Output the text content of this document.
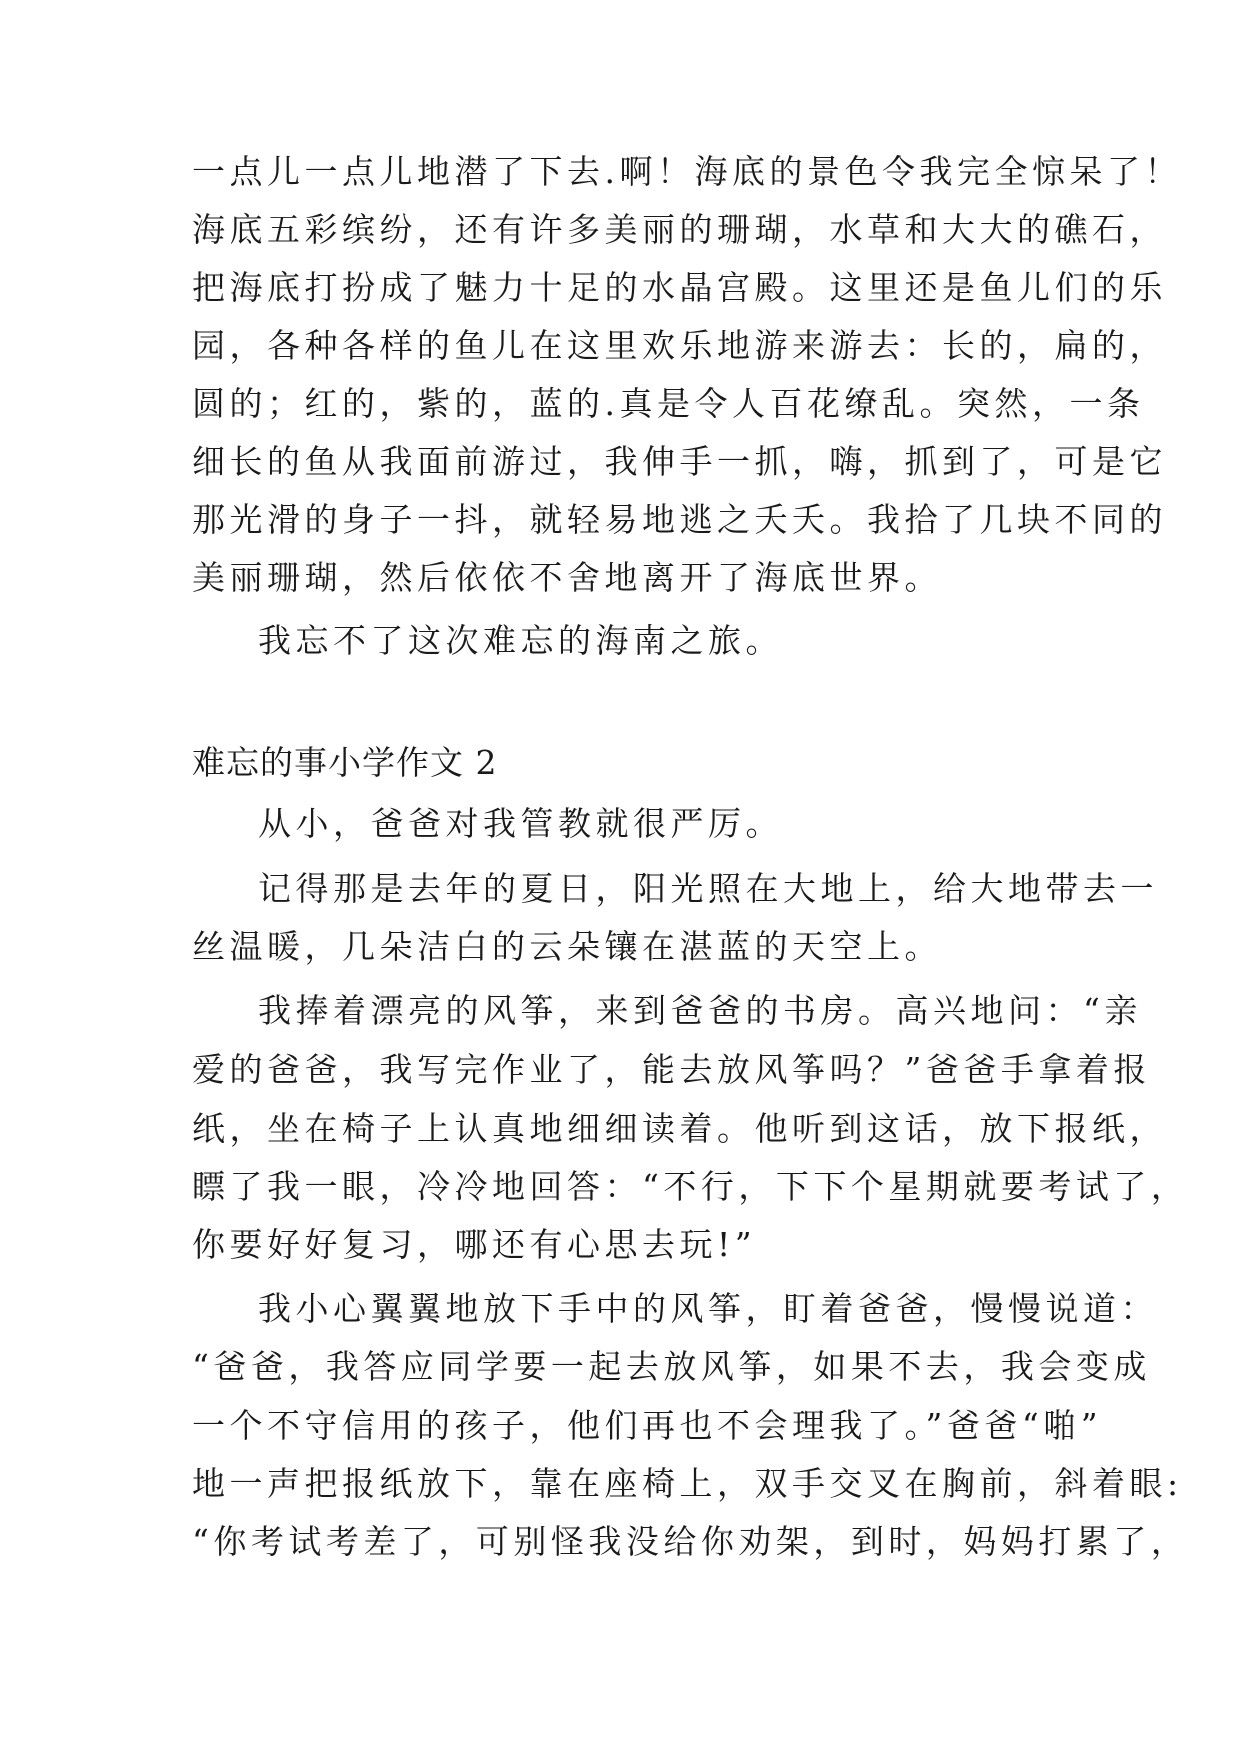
一点儿一点儿地潜了下去.啊！海底的景色令我完全惊呆了！
海底五彩缤纷，还有许多美丽的珊瑚，水草和大大的礁石，
把海底打扮成了魅力十足的水晶宫殿。这里还是鱼儿们的乐
园，各种各样的鱼儿在这里欢乐地游来游去：长的，扁的，
圆的；红的，紫的，蓝的.真是令人百花缭乱。突然，一条
细长的鱼从我面前游过，我伸手一抓，嗨，抓到了，可是它
那光滑的身子一抖，就轻易地逃之夭夭。我拾了几块不同的
美丽珊瑚，然后依依不舍地离开了海底世界。
我忘不了这次难忘的海南之旅。
难忘的事小学作文 2
从小，爸爸对我管教就很严厉。
记得那是去年的夏日，阳光照在大地上，给大地带去一
丝温暖，几朵洁白的云朵镶在湛蓝的天空上。
我捧着漂亮的风筝，来到爸爸的书房。高兴地问：“亲
爱的爸爸，我写完作业了，能去放风筝吗？”爸爸手拿着报
纸，坐在椅子上认真地细细读着。他听到这话，放下报纸，
瞟了我一眼，冷冷地回答：“不行，下下个星期就要考试了，
你要好好复习，哪还有心思去玩!”
我小心翼翼地放下手中的风筝，盯着爸爸，慢慢说道：
“爸爸，我答应同学要一起去放风筝，如果不去，我会变成
一个不守信用的孩子，他们再也不会理我了。”爸爸“啪”
地一声把报纸放下，靠在座椅上，双手交叉在胸前，斜着眼:
“你考试考差了，可别怪我没给你劝架，到时，妈妈打累了，
